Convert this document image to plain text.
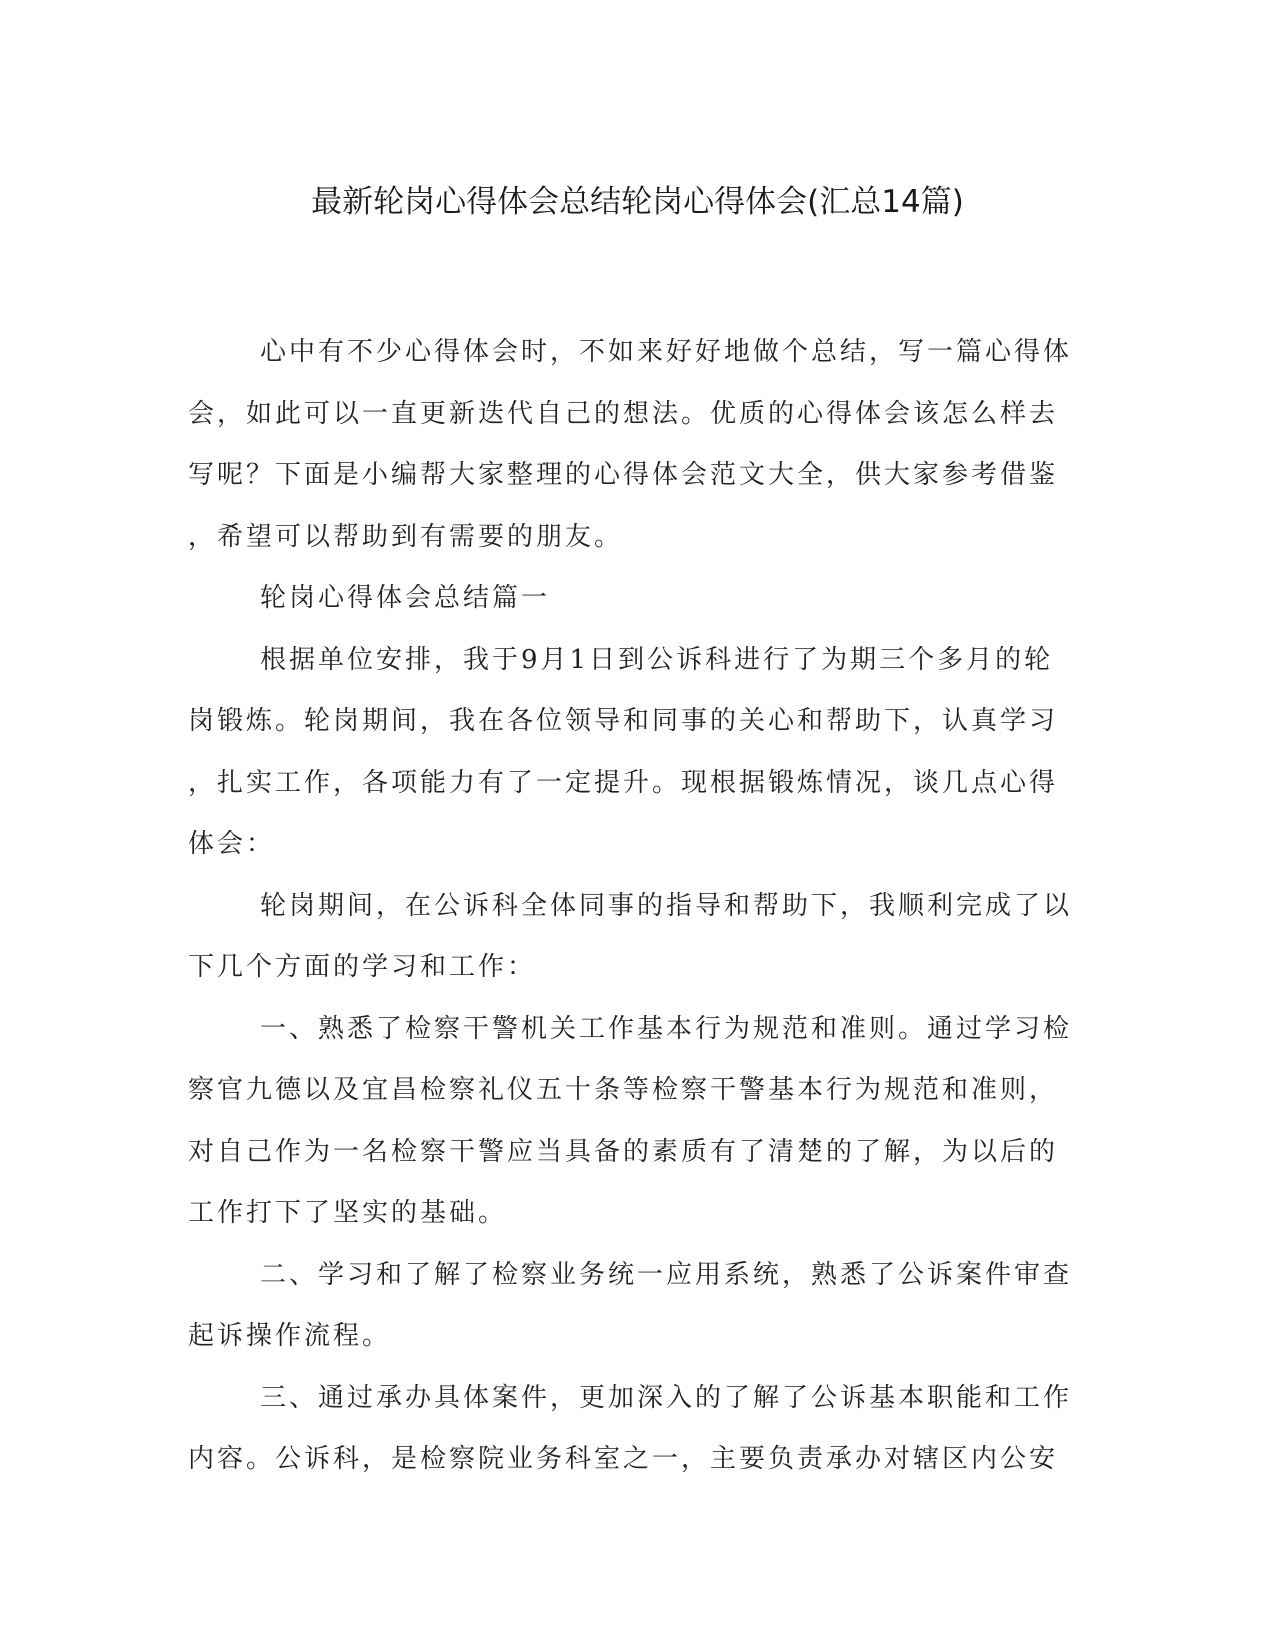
最新轮岗心得体会总结轮岗心得体会(汇总14篇)

心中有不少心得体会时，不如来好好地做个总结，写一篇心得体
会，如此可以一直更新迭代自己的想法。优质的心得体会该怎么样去
写呢？下面是小编帮大家整理的心得体会范文大全，供大家参考借鉴
，希望可以帮助到有需要的朋友。

轮岗心得体会总结篇一

根据单位安排，我于9月1日到公诉科进行了为期三个多月的轮
岗锻炼。轮岗期间，我在各位领导和同事的关心和帮助下，认真学习
，扎实工作，各项能力有了一定提升。现根据锻炼情况，谈几点心得
体会：

轮岗期间，在公诉科全体同事的指导和帮助下，我顺利完成了以
下几个方面的学习和工作：

一、熟悉了检察干警机关工作基本行为规范和准则。通过学习检
察官九德以及宜昌检察礼仪五十条等检察干警基本行为规范和准则，
对自己作为一名检察干警应当具备的素质有了清楚的了解，为以后的
工作打下了坚实的基础。

二、学习和了解了检察业务统一应用系统，熟悉了公诉案件审查
起诉操作流程。

三、通过承办具体案件，更加深入的了解了公诉基本职能和工作
内容。公诉科，是检察院业务科室之一，主要负责承办对辖区内公安
